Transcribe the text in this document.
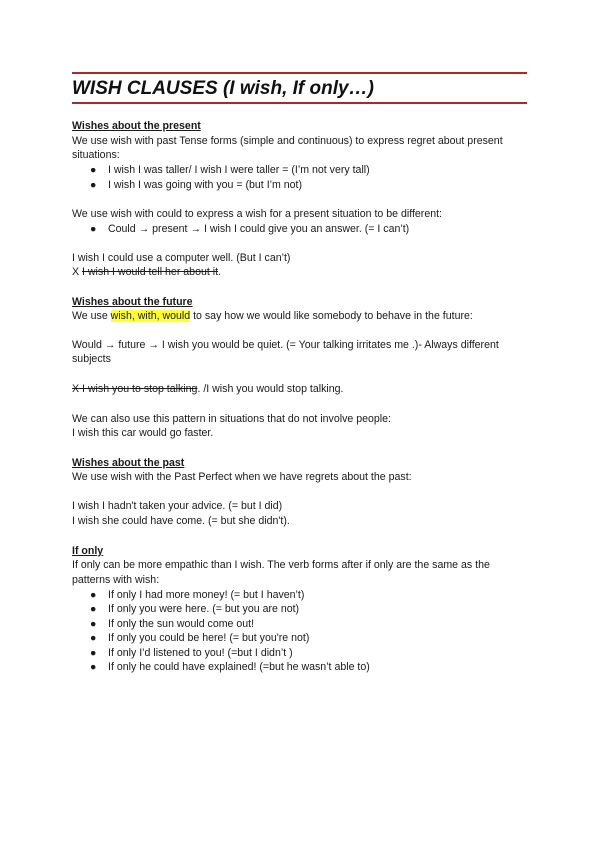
WISH CLAUSES (I wish, If only…)
Wishes about the present
We use wish with past Tense forms (simple and continuous) to express regret about present
situations:
● I wish I was taller/ I wish I were taller = (I’m not very tall)
● I wish I was going with you = (but I’m not)
We use wish with could to express a wish for a present situation to be different:
● Could → present → I wish I could give you an answer. (= I can’t)
I wish I could use a computer well. (But I can’t)
X I wish I would tell her about it.
Wishes about the future
We use wish, with, would to say how we would like somebody to behave in the future:
Would → future → I wish you would be quiet. (= Your talking irritates me .)- Always different
subjects
X I wish you to stop talking. /I wish you would stop talking.
We can also use this pattern in situations that do not involve people:
I wish this car would go faster.
Wishes about the past
We use wish with the Past Perfect when we have regrets about the past:
I wish I hadn't taken your advice. (= but I did)
I wish she could have come. (= but she didn't).
If only
If only can be more empathic than I wish. The verb forms after if only are the same as the
patterns with wish:
● If only I had more money! (= but I haven’t)
● If only you were here. (= but you are not)
● If only the sun would come out!
● If only you could be here! (= but you're not)
● If only I’d listened to you! (=but I didn’t )
● If only he could have explained! (=but he wasn’t able to)
